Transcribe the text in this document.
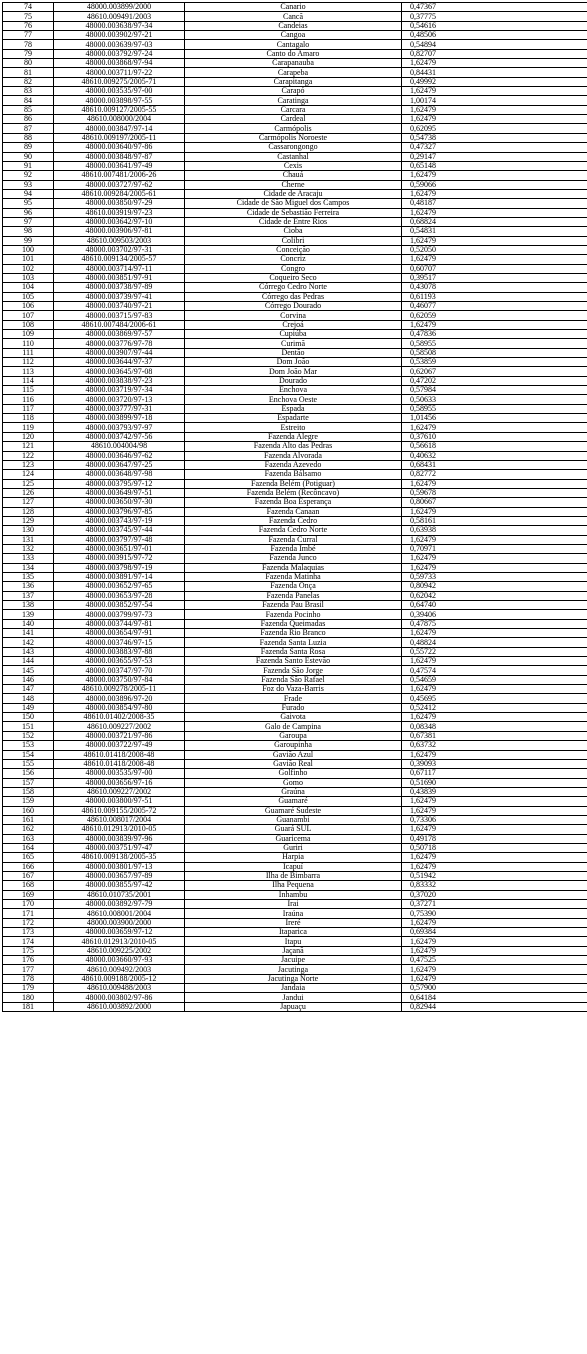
74	48000.003899/2000	Canario	0,47367
75	48610.009491/2003	Cancã	0,37775
76	48000.003638/97-34	Candeias	0,54616
77	48000.003902/97-21	Cangoa	0,48506
78	48000.003639/97-03	Cantagalo	0,54894
79	48000.003792/97-24	Canto do Amaro	0,82707
80	48000.003868/97-94	Carapanauba	1,62479
81	48000.003711/97-22	Carapeba	0,84431
82	48610.009275/2005-71	Carapitanga	0,49992
83	48000.003535/97-00	Carapó	1,62479
84	48000.003898/97-55	Caratinga	1,00174
85	48610.009127/2005-55	Carcara	1,62479
86	48610.008000/2004	Cardeal	1,62479
87	48000.003847/97-14	Carmópolis	0,62095
88	48610.009197/2005-11	Carmópolis Noroeste	0,54738
89	48000.003640/97-86	Cassarongongo	0,47327
90	48000.003848/97-87	Castanhal	0,29147
91	48000.003641/97-49	Cexis	0,65148
92	48610.007481/2006-26	Chauá	1,62479
93	48000.003727/97-62	Cherne	0,59066
94	48610.009284/2005-61	Cidade de Aracaju	1,62479
95	48000.003850/97-29	Cidade de São Miguel dos Campos	0,48187
96	48610.003919/97-23	Cidade de Sebastião Ferreira	1,62479
97	48000.003642/97-10	Cidade de Entre Rios	0,68824
98	48000.003906/97-81	Cioba	0,54831
99	48610.009503/2003	Colibri	1,62479
100	48000.003702/97-31	Conceição	0,52050
101	48610.009134/2005-57	Concriz	1,62479
102	48000.003714/97-11	Congro	0,60707
103	48000.003851/97-91	Coqueiro Seco	0,39517
104	48000.003738/97-89	Córrego Cedro Norte	0,43078
105	48000.003739/97-41	Córrego das Pedras	0,61193
106	48000.003740/97-21	Córrego Dourado	0,46077
107	48000.003715/97-83	Corvina	0,62059
108	48610.007484/2006-61	Crejoá	1,62479
109	48000.003869/97-57	Cupiúba	0,47836
110	48000.003776/97-78	Curimã	0,58955
111	48000.003907/97-44	Dentão	0,58508
112	48000.003644/97-37	Dom João	0,53859
113	48000.003645/97-08	Dom João Mar	0,62067
114	48000.003838/97-23	Dourado	0,47202
115	48000.003719/97-34	Enchova	0,57984
116	48000.003720/97-13	Enchova Oeste	0,50633
117	48000.003777/97-31	Espada	0,58955
118	48000.003899/97-18	Espadarte	1,01456
119	48000.003793/97-97	Estreito	1,62479
120	48000.003742/97-56	Fazenda Alegre	0,37610
121	48610.004004/98	Fazenda Alto das Pedras	0,56618
122	48000.003646/97-62	Fazenda Alvorada	0,40632
123	48000.003647/97-25	Fazenda Azevedo	0,68431
124	48000.003648/97-98	Fazenda Bálsamo	0,82772
125	48000.003795/97-12	Fazenda Belém (Potiguar)	1,62479
126	48000.003649/97-51	Fazenda Belém (Recôncavo)	0,59678
127	48000.003650/97-30	Fazenda Boa Esperança	0,80667
128	48000.003796/97-85	Fazenda Canaan	1,62479
129	48000.003743/97-19	Fazenda Cedro	0,58161
130	48000.003745/97-44	Fazenda Cedro Norte	0,63938
131	48000.003797/97-48	Fazenda Curral	1,62479
132	48000.003651/97-01	Fazenda Imbé	0,70971
133	48000.003915/97-72	Fazenda Junco	1,62479
134	48000.003798/97-19	Fazenda Malaquias	1,62479
135	48000.003891/97-14	Fazenda Matinha	0,59733
136	48000.003652/97-65	Fazenda Onça	0,80942
137	48000.003653/97-28	Fazenda Panelas	0,62042
138	48000.003852/97-54	Fazenda Pau Brasil	0,64740
139	48000.003799/97-73	Fazenda Pocinho	0,39406
140	48000.003744/97-81	Fazenda Queimadas	0,47875
141	48000.003654/97-91	Fazenda Rio Branco	1,62479
142	48000.003746/97-15	Fazenda Santa Luzia	0,48824
143	48000.003883/97-88	Fazenda Santa Rosa	0,55722
144	48000.003655/97-53	Fazenda Santo Estevão	1,62479
145	48000.003747/97-70	Fazenda São Jorge	0,47574
146	48000.003750/97-84	Fazenda São Rafael	0,54659
147	48610.009278/2005-11	Foz do Vaza-Barris	1,62479
148	48000.003896/97-20	Frade	0,45695
149	48000.003854/97-80	Furado	0,52412
150	48610.01402/2008-35	Gaivota	1,62479
151	48610.009227/2002	Galo de Campina	0,08348
152	48000.003721/97-86	Garoupa	0,67381
153	48000.003722/97-49	Garoupinha	0,63732
154	48610.01418/2008-48	Gavião Azul	1,62479
155	48610.01418/2008-48	Gavião Real	0,39093
156	48000.003535/97-00	Golfinho	0,67117
157	48000.003656/97-16	Gomo	0,51690
158	48610.009227/2002	Graúna	0,43839
159	48000.003800/97-51	Guamaré	1,62479
160	48610.009155/2005-72	Guamaré Sudeste	1,62479
161	48610.008017/2004	Guanambi	0,73306
162	48610.012913/2010-05	Guará SUL	1,62479
163	48000.003839/97-96	Guaricema	0,49178
164	48000.003751/97-47	Guriri	0,50718
165	48610.009138/2005-35	Harpia	1,62479
166	48000.003801/97-13	Icapuí	1,62479
167	48000.003657/97-89	Ilha de Bimbarra	0,51942
168	48000.003855/97-42	Ilha Pequena	0,83332
169	48610.010735/2001	Inhambu	0,37020
170	48000.003892/97-79	Irai	0,37271
171	48610.008001/2004	Iraúna	0,75390
172	48000.003900/2000	Ireré	1,62479
173	48000.003659/97-12	Itaparica	0,69384
174	48610.012913/2010-05	Itapu	1,62479
175	48610.009225/2002	Jaçanã	1,62479
176	48000.003660/97-93	Jacuipe	0,47525
177	48610.009492/2003	Jacutinga	1,62479
178	48610.009188/2005-12	Jacutinga Norte	1,62479
179	48610.009488/2003	Jandaia	0,57900
180	48000.003802/97-86	Jandui	0,64184
181	48610.003892/2000	Japuaçu	0,82944
